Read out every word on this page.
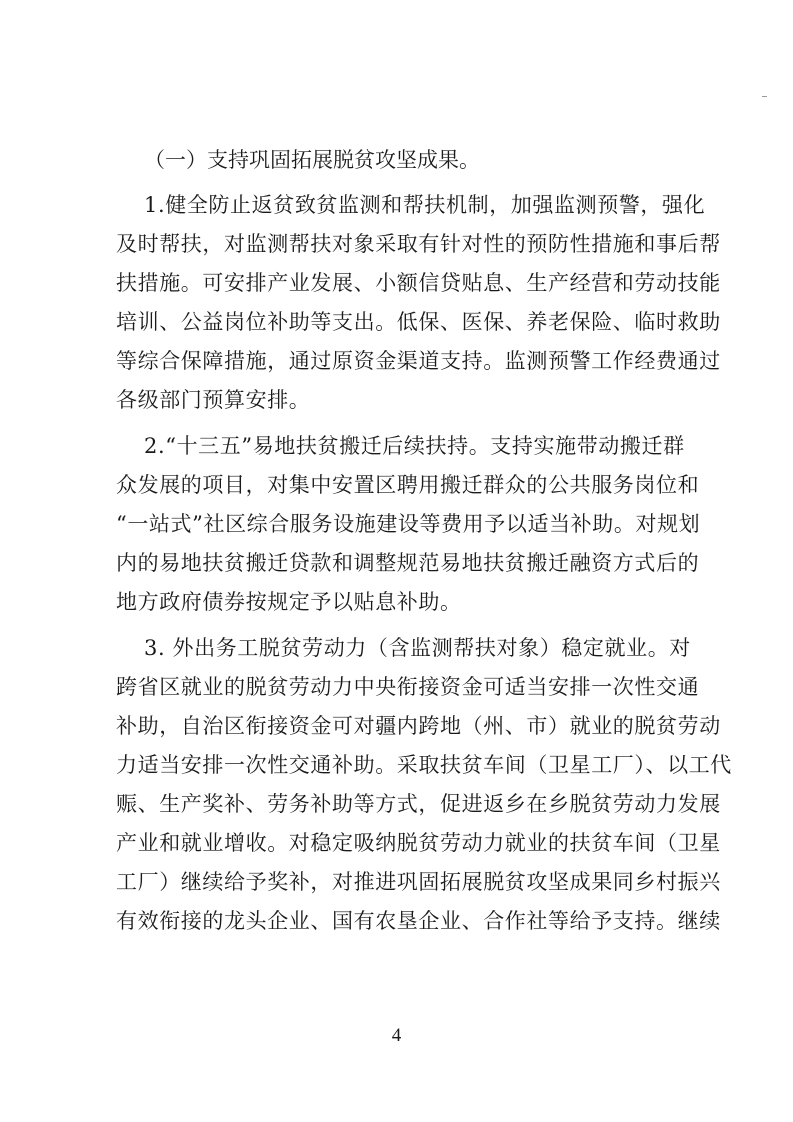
（一）支持巩固拓展脱贫攻坚成果。
1.健全防止返贫致贫监测和帮扶机制，加强监测预警，强化
及时帮扶，对监测帮扶对象采取有针对性的预防性措施和事后帮
扶措施。可安排产业发展、小额信贷贴息、生产经营和劳动技能
培训、公益岗位补助等支出。低保、医保、养老保险、临时救助
等综合保障措施，通过原资金渠道支持。监测预警工作经费通过
各级部门预算安排。
2.“十三五”易地扶贫搬迁后续扶持。支持实施带动搬迁群
众发展的项目，对集中安置区聘用搬迁群众的公共服务岗位和
“一站式”社区综合服务设施建设等费用予以适当补助。对规划
内的易地扶贫搬迁贷款和调整规范易地扶贫搬迁融资方式后的
地方政府债券按规定予以贴息补助。
3. 外出务工脱贫劳动力（含监测帮扶对象）稳定就业。对
跨省区就业的脱贫劳动力中央衔接资金可适当安排一次性交通
补助，自治区衔接资金可对疆内跨地（州、市）就业的脱贫劳动
力适当安排一次性交通补助。采取扶贫车间（卫星工厂）、以工代
赈、生产奖补、劳务补助等方式，促进返乡在乡脱贫劳动力发展
产业和就业增收。对稳定吸纳脱贫劳动力就业的扶贫车间（卫星
工厂）继续给予奖补，对推进巩固拓展脱贫攻坚成果同乡村振兴
有效衔接的龙头企业、国有农垦企业、合作社等给予支持。继续
4
